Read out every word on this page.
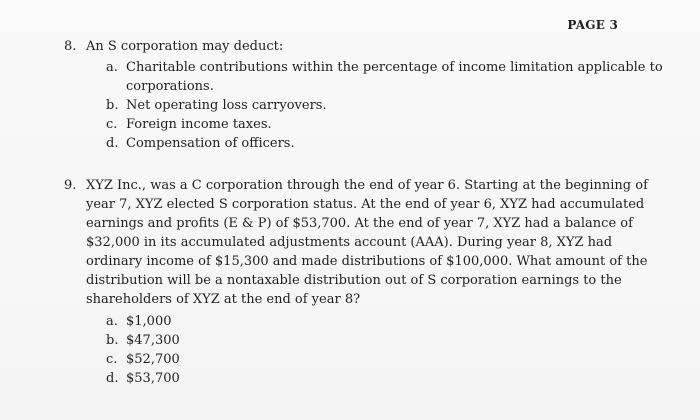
PAGE 3
8. An S corporation may deduct:
a. Charitable contributions within the percentage of income limitation applicable to corporations.
b. Net operating loss carryovers.
c. Foreign income taxes.
d. Compensation of officers.
9. XYZ Inc., was a C corporation through the end of year 6. Starting at the beginning of year 7, XYZ elected S corporation status. At the end of year 6, XYZ had accumulated earnings and profits (E & P) of $53,700. At the end of year 7, XYZ had a balance of $32,000 in its accumulated adjustments account (AAA). During year 8, XYZ had ordinary income of $15,300 and made distributions of $100,000. What amount of the distribution will be a nontaxable distribution out of S corporation earnings to the shareholders of XYZ at the end of year 8?
a. $1,000
b. $47,300
c. $52,700
d. $53,700
